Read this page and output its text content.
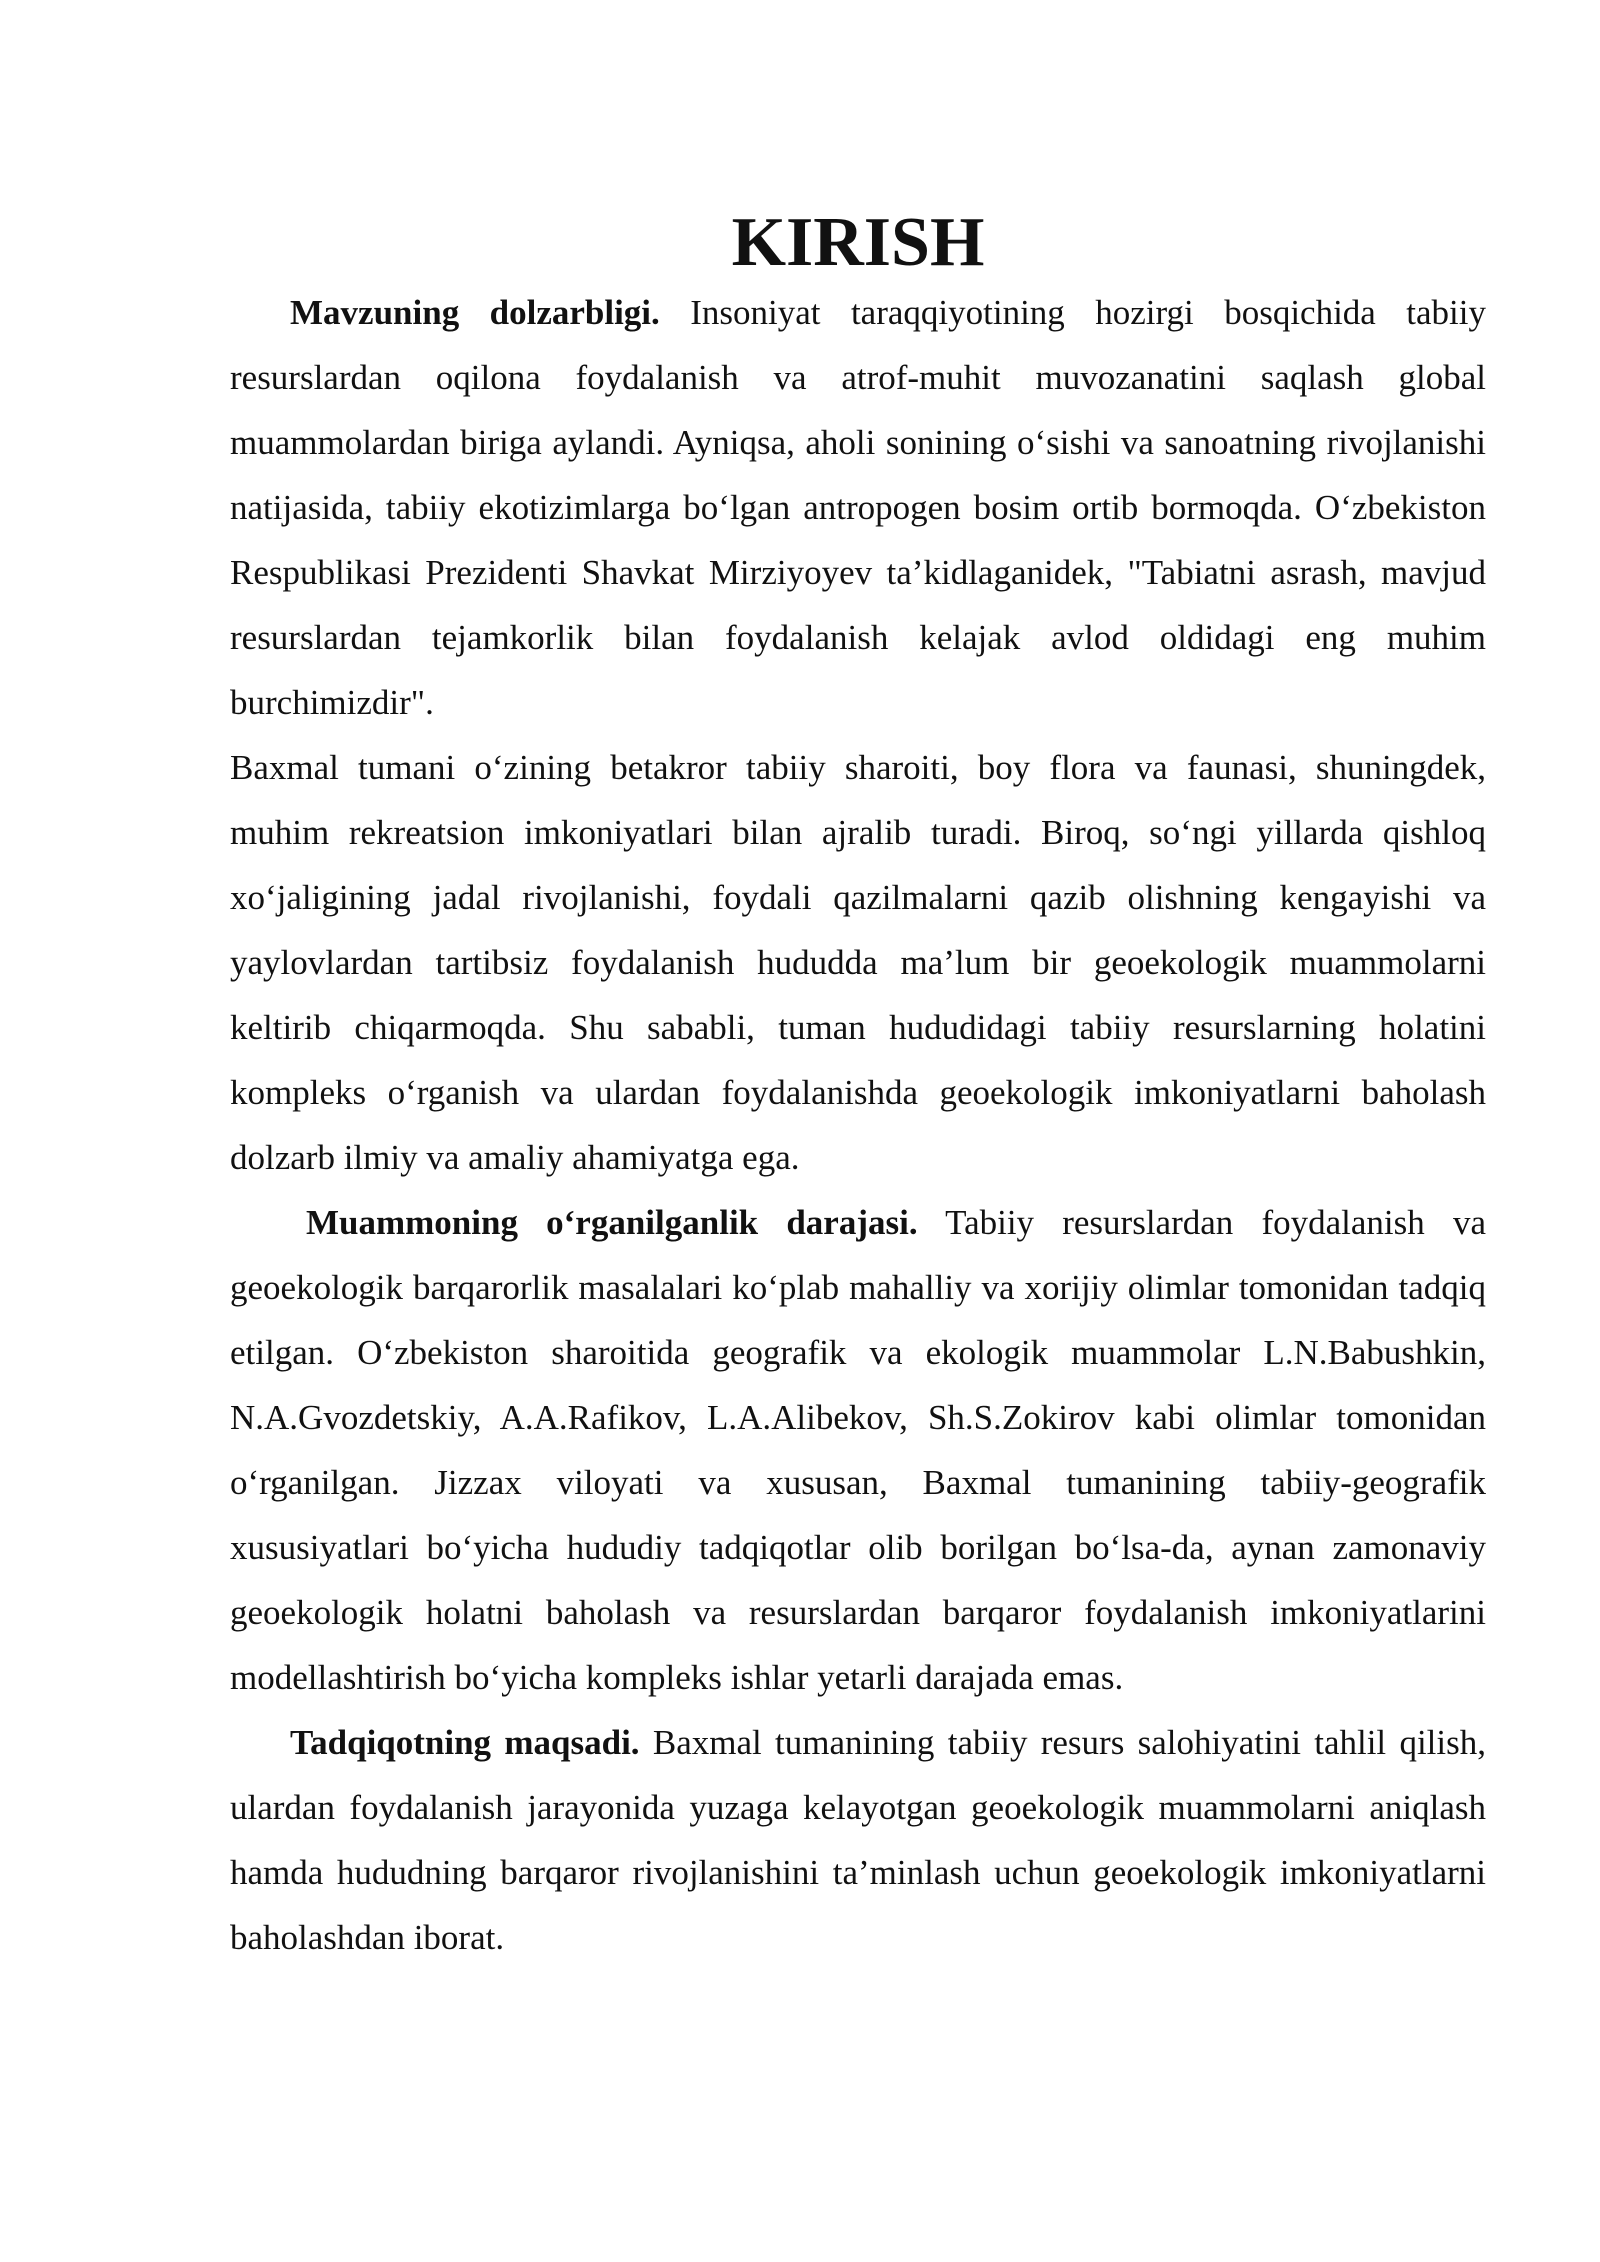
KIRISH

Mavzuning dolzarbligi. Insoniyat taraqqiyotining hozirgi bosqichida tabiiy resurslardan oqilona foydalanish va atrof-muhit muvozanatini saqlash global muammolardan biriga aylandi. Ayniqsa, aholi sonining o‘sishi va sanoatning rivojlanishi natijasida, tabiiy ekotizimlarga bo‘lgan antropogen bosim ortib bormoqda. O‘zbekiston Respublikasi Prezidenti Shavkat Mirziyoyev ta’kidlaganidek, "Tabiatni asrash, mavjud resurslardan tejamkorlik bilan foydalanish kelajak avlod oldidagi eng muhim burchimizdir".

Baxmal tumani o‘zining betakror tabiiy sharoiti, boy flora va faunasi, shuningdek, muhim rekreatsion imkoniyatlari bilan ajralib turadi. Biroq, so‘ngi yillarda qishloq xo‘jaligining jadal rivojlanishi, foydali qazilmalarni qazib olishning kengayishi va yaylovlardan tartibsiz foydalanish hududda ma’lum bir geoekologik muammolarni keltirib chiqarmoqda. Shu sababli, tuman hududidagi tabiiy resurslarning holatini kompleks o‘rganish va ulardan foydalanishda geoekologik imkoniyatlarni baholash dolzarb ilmiy va amaliy ahamiyatga ega.

Muammoning o‘rganilganlik darajasi. Tabiiy resurslardan foydalanish va geoekologik barqarorlik masalalari ko‘plab mahalliy va xorijiy olimlar tomonidan tadqiq etilgan. O‘zbekiston sharoitida geografik va ekologik muammolar L.N.Babushkin, N.A.Gvozdetskiy, A.A.Rafikov, L.A.Alibekov, Sh.S.Zokirov kabi olimlar tomonidan o‘rganilgan. Jizzax viloyati va xususan, Baxmal tumanining tabiiy-geografik xususiyatlari bo‘yicha hududiy tadqiqotlar olib borilgan bo‘lsa-da, aynan zamonaviy geoekologik holatni baholash va resurslardan barqaror foydalanish imkoniyatlarini modellashtirish bo‘yicha kompleks ishlar yetarli darajada emas.

Tadqiqotning maqsadi. Baxmal tumanining tabiiy resurs salohiyatini tahlil qilish, ulardan foydalanish jarayonida yuzaga kelayotgan geoekologik muammolarni aniqlash hamda hududning barqaror rivojlanishini ta’minlash uchun geoekologik imkoniyatlarni baholashdan iborat.
